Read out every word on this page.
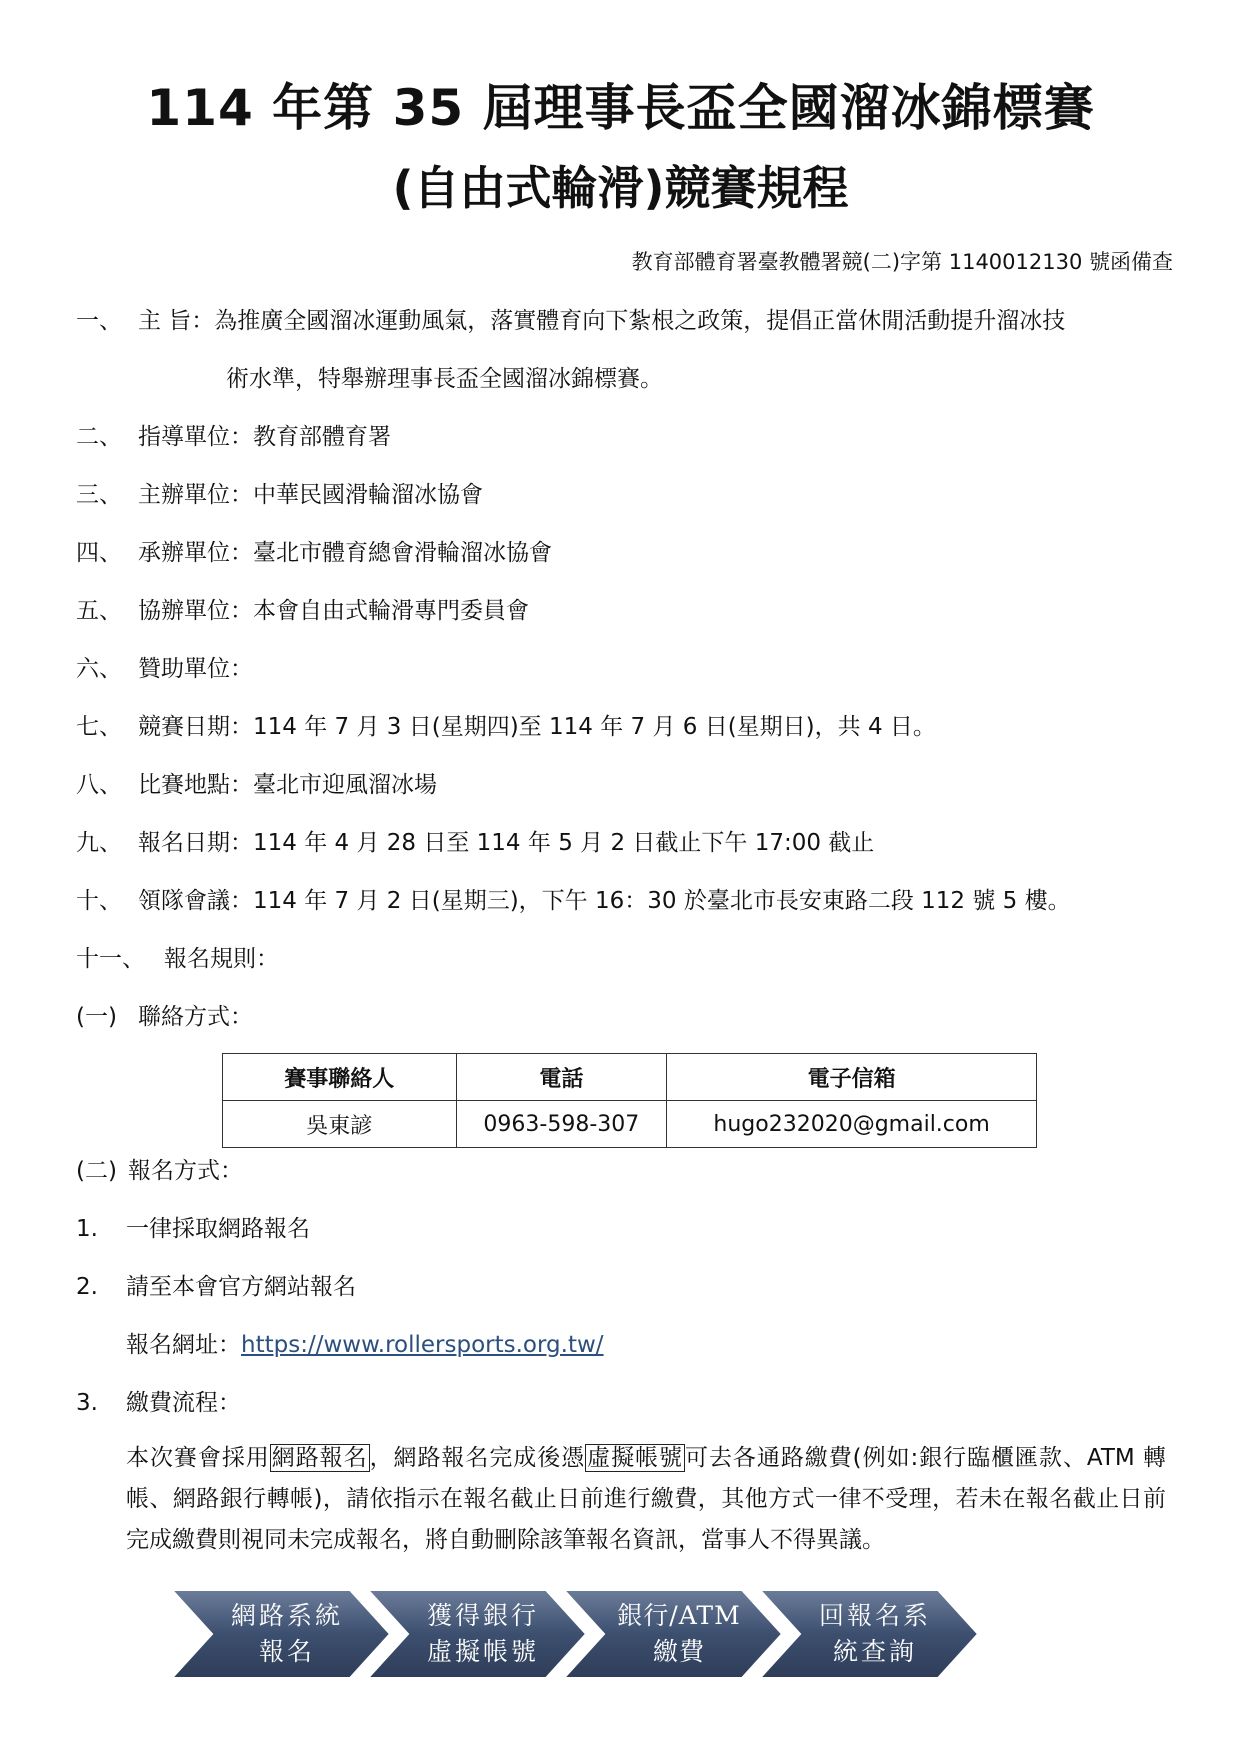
114 年第 35 屆理事長盃全國溜冰錦標賽
(自由式輪滑)競賽規程
教育部體育署臺教體署競(二)字第 1140012130 號函備查
一、 主 旨：為推廣全國溜冰運動風氣，落實體育向下紮根之政策，提倡正當休閒活動提升溜冰技
術水準，特舉辦理事長盃全國溜冰錦標賽。
二、 指導單位：教育部體育署
三、 主辦單位：中華民國滑輪溜冰協會
四、 承辦單位：臺北市體育總會滑輪溜冰協會
五、 協辦單位：本會自由式輪滑專門委員會
六、 贊助單位：
七、 競賽日期：114 年 7 月 3 日(星期四)至 114 年 7 月 6 日(星期日)，共 4 日。
八、 比賽地點：臺北市迎風溜冰場
九、 報名日期：114 年 4 月 28 日至 114 年 5 月 2 日截止下午 17:00 截止
十、 領隊會議：114 年 7 月 2 日(星期三)，下午 16：30 於臺北市長安東路二段 112 號 5 樓。
十一、 報名規則：
(一) 聯絡方式：
賽事聯絡人	電話	電子信箱
吳東諺	0963-598-307	hugo232020@gmail.com
(二) 報名方式：
1. 一律採取網路報名
2. 請至本會官方網站報名
報名網址：https://www.rollersports.org.tw/
3. 繳費流程：
本次賽會採用網路報名，網路報名完成後憑虛擬帳號可去各通路繳費(例如:銀行臨櫃匯款、ATM 轉帳、網路銀行轉帳)，請依指示在報名截止日前進行繳費，其他方式一律不受理，若未在報名截止日前完成繳費則視同未完成報名，將自動刪除該筆報名資訊，當事人不得異議。
網路系統
報名
獲得銀行
虛擬帳號
銀行/ATM
繳費
回報名系
統查詢
